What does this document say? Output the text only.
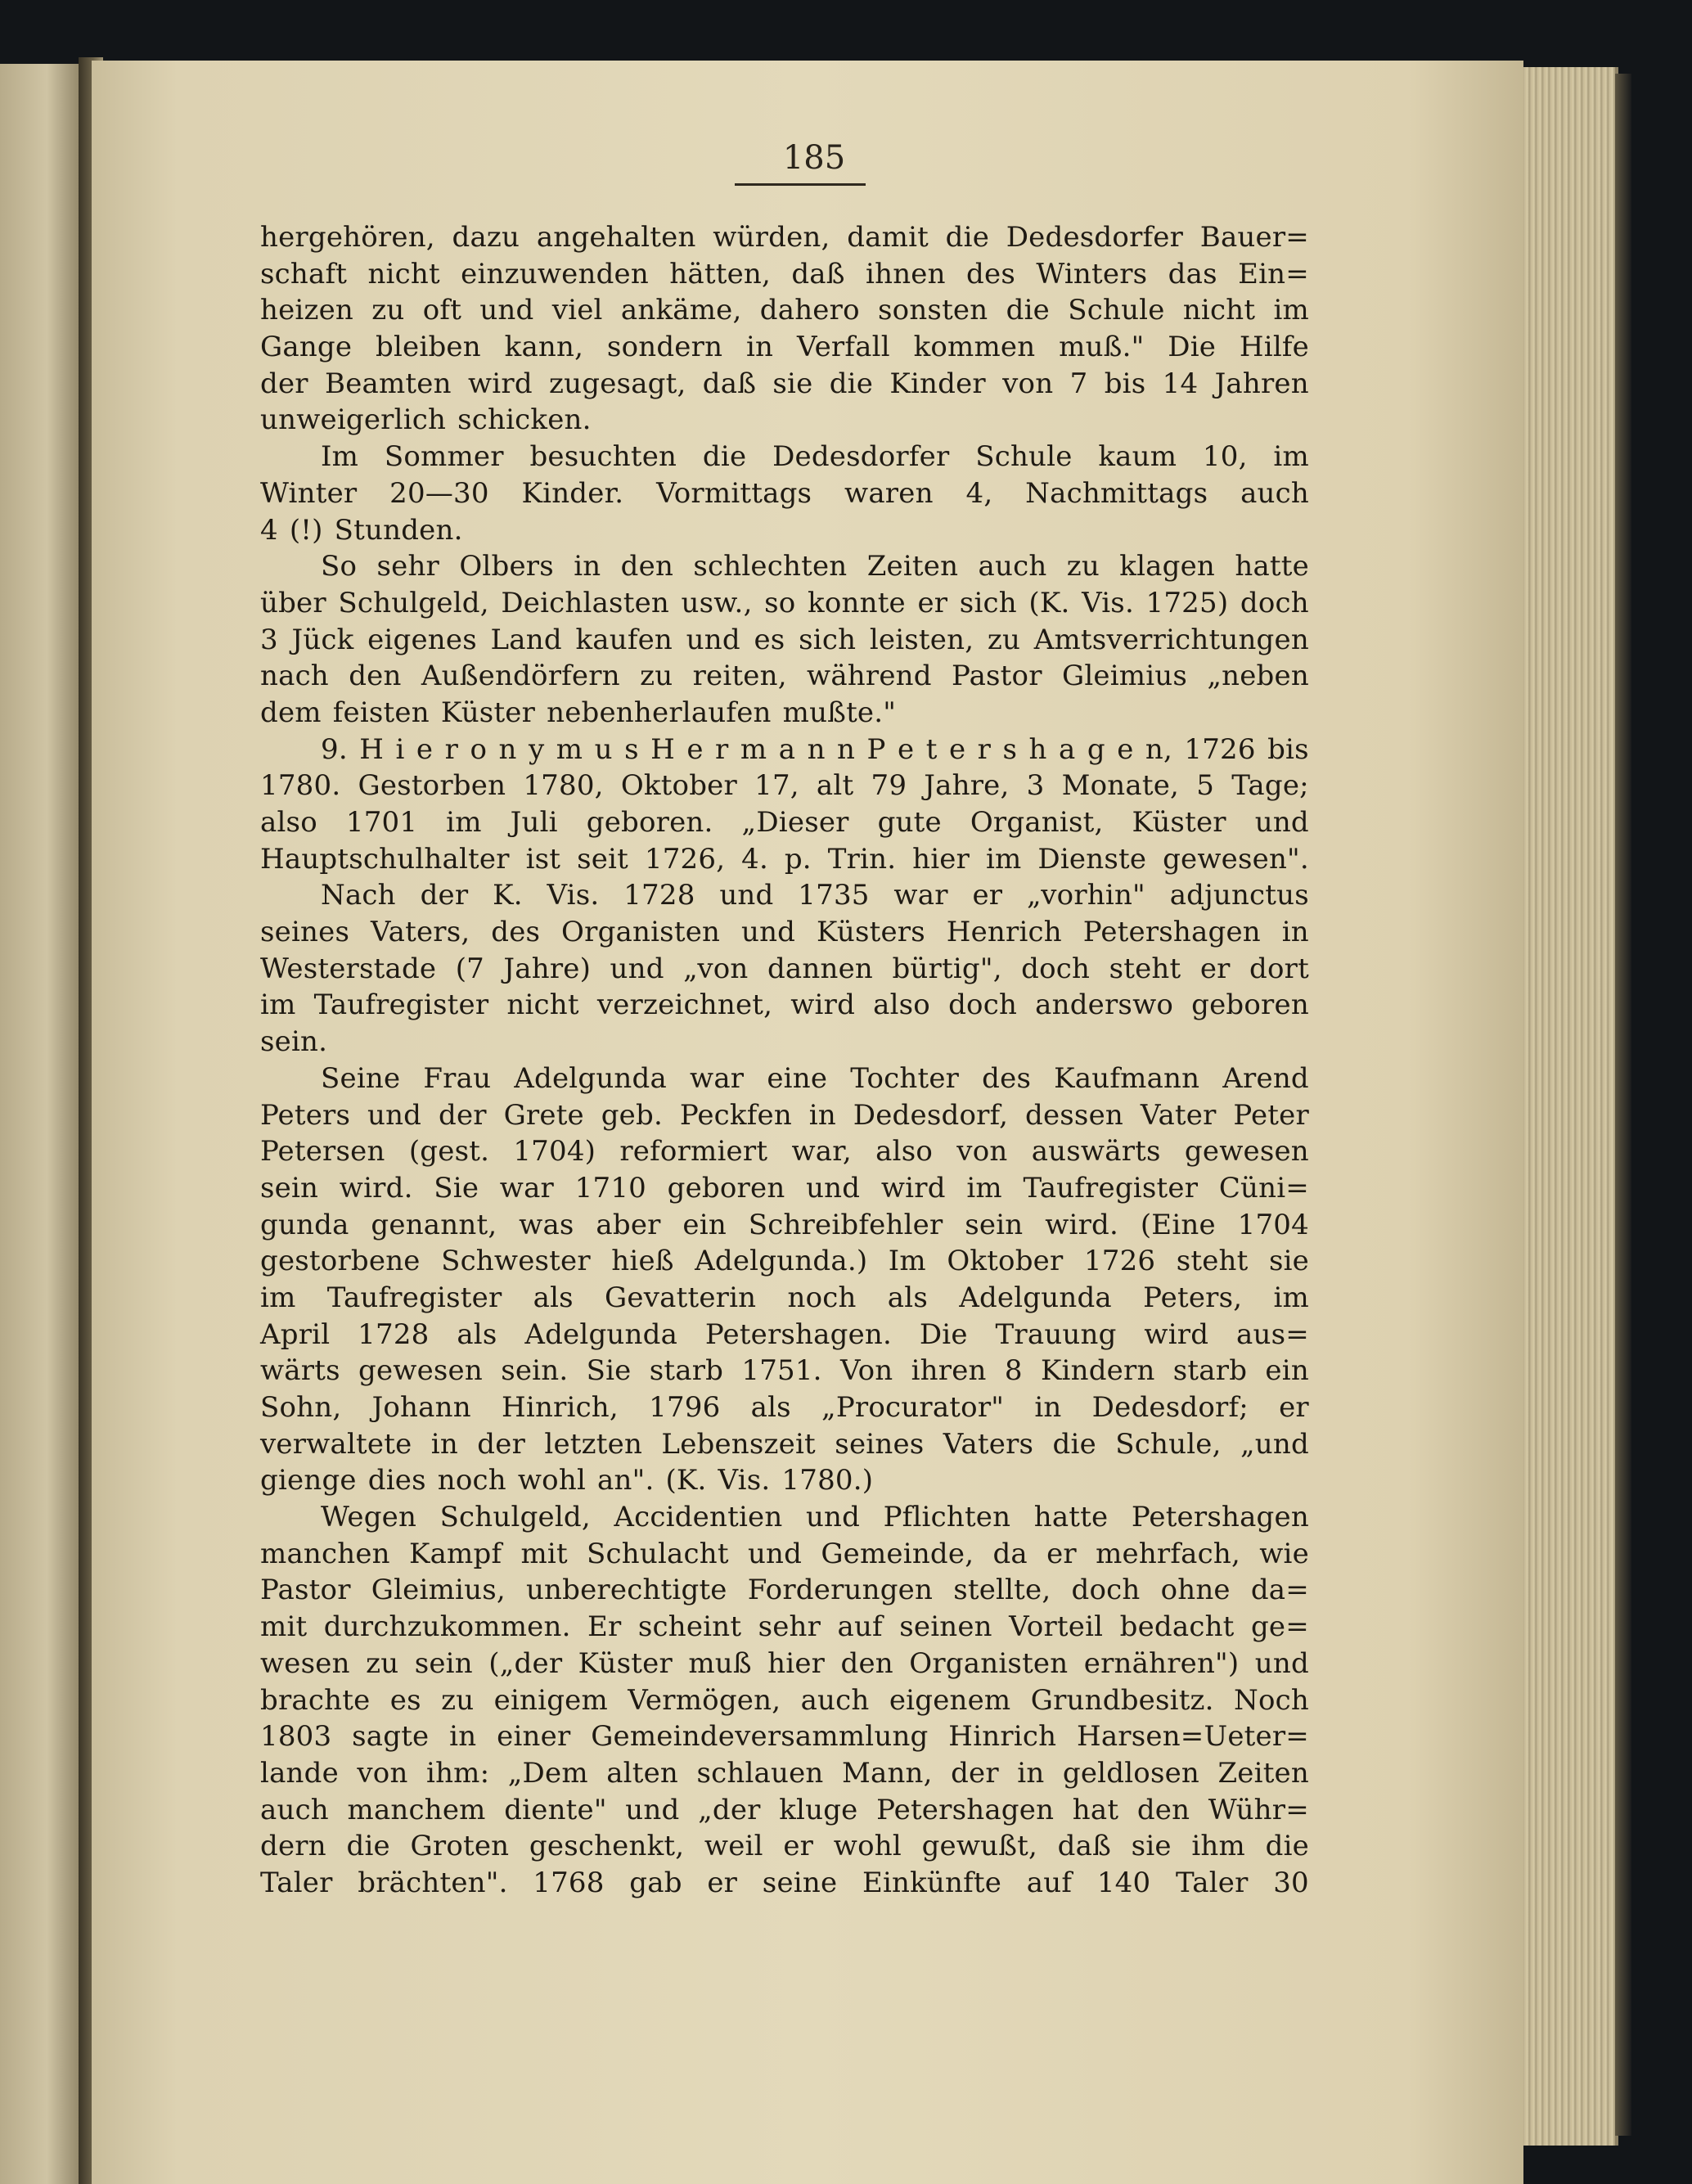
185
hergehören, dazu angehalten würden, damit die Dedesdorfer Bauer=
schaft nicht einzuwenden hätten, daß ihnen des Winters das Ein=
heizen zu oft und viel ankäme, dahero sonsten die Schule nicht im
Gange bleiben kann, sondern in Verfall kommen muß." Die Hilfe
der Beamten wird zugesagt, daß sie die Kinder von 7 bis 14 Jahren
unweigerlich schicken.
Im Sommer besuchten die Dedesdorfer Schule kaum 10, im
Winter 20—30 Kinder. Vormittags waren 4, Nachmittags auch
4 (!) Stunden.
So sehr Olbers in den schlechten Zeiten auch zu klagen hatte
über Schulgeld, Deichlasten usw., so konnte er sich (K. Vis. 1725) doch
3 Jück eigenes Land kaufen und es sich leisten, zu Amtsverrichtungen
nach den Außendörfern zu reiten, während Pastor Gleimius „neben
dem feisten Küster nebenherlaufen mußte."
9. H i e r o n y m u s H e r m a n n P e t e r s h a g e n, 1726 bis
1780. Gestorben 1780, Oktober 17, alt 79 Jahre, 3 Monate, 5 Tage;
also 1701 im Juli geboren. „Dieser gute Organist, Küster und
Hauptschulhalter ist seit 1726, 4. p. Trin. hier im Dienste gewesen".
Nach der K. Vis. 1728 und 1735 war er „vorhin" adjunctus
seines Vaters, des Organisten und Küsters Henrich Petershagen in
Westerstade (7 Jahre) und „von dannen bürtig", doch steht er dort
im Taufregister nicht verzeichnet, wird also doch anderswo geboren
sein.
Seine Frau Adelgunda war eine Tochter des Kaufmann Arend
Peters und der Grete geb. Peckfen in Dedesdorf, dessen Vater Peter
Petersen (gest. 1704) reformiert war, also von auswärts gewesen
sein wird. Sie war 1710 geboren und wird im Taufregister Cüni=
gunda genannt, was aber ein Schreibfehler sein wird. (Eine 1704
gestorbene Schwester hieß Adelgunda.) Im Oktober 1726 steht sie
im Taufregister als Gevatterin noch als Adelgunda Peters, im
April 1728 als Adelgunda Petershagen. Die Trauung wird aus=
wärts gewesen sein. Sie starb 1751. Von ihren 8 Kindern starb ein
Sohn, Johann Hinrich, 1796 als „Procurator" in Dedesdorf; er
verwaltete in der letzten Lebenszeit seines Vaters die Schule, „und
gienge dies noch wohl an". (K. Vis. 1780.)
Wegen Schulgeld, Accidentien und Pflichten hatte Petershagen
manchen Kampf mit Schulacht und Gemeinde, da er mehrfach, wie
Pastor Gleimius, unberechtigte Forderungen stellte, doch ohne da=
mit durchzukommen. Er scheint sehr auf seinen Vorteil bedacht ge=
wesen zu sein („der Küster muß hier den Organisten ernähren") und
brachte es zu einigem Vermögen, auch eigenem Grundbesitz. Noch
1803 sagte in einer Gemeindeversammlung Hinrich Harsen=Ueter=
lande von ihm: „Dem alten schlauen Mann, der in geldlosen Zeiten
auch manchem diente" und „der kluge Petershagen hat den Wühr=
dern die Groten geschenkt, weil er wohl gewußt, daß sie ihm die
Taler brächten". 1768 gab er seine Einkünfte auf 140 Taler 30
